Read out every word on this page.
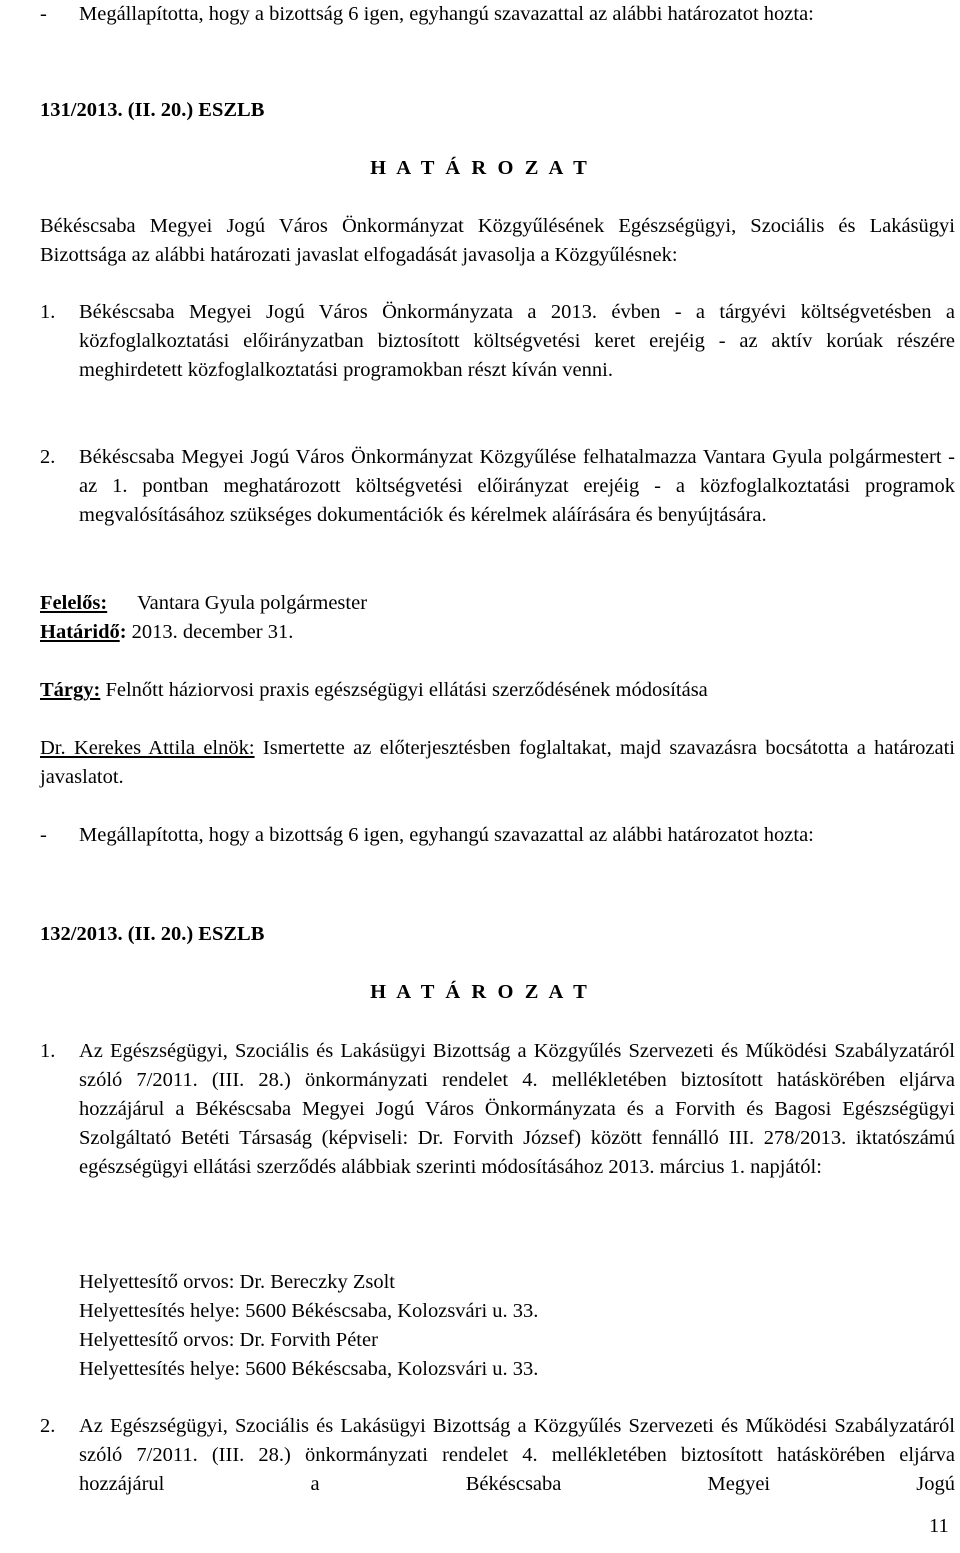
-	Megállapította, hogy a bizottság 6 igen, egyhangú szavazattal az alábbi határozatot hozta:
131/2013. (II. 20.) ESZLB
H A T Á R O Z A T
Békéscsaba Megyei Jogú Város Önkormányzat Közgyűlésének Egészségügyi, Szociális és Lakásügyi Bizottsága az alábbi határozati javaslat elfogadását javasolja a Közgyűlésnek:
1.	Békéscsaba Megyei Jogú Város Önkormányzata a 2013. évben - a tárgyévi költségvetésben a közfoglalkoztatási előirányzatban biztosított költségvetési keret erejéig - az aktív korúak részére meghirdetett közfoglalkoztatási programokban részt kíván venni.
2.	Békéscsaba Megyei Jogú Város Önkormányzat Közgyűlése felhatalmazza Vantara Gyula polgármestert - az 1. pontban meghatározott költségvetési előirányzat erejéig - a közfoglalkoztatási programok megvalósításához szükséges dokumentációk és kérelmek aláírására és benyújtására.
Felelős: Vantara Gyula polgármester
Határidő: 2013. december 31.
Tárgy: Felnőtt háziorvosi praxis egészségügyi ellátási szerződésének módosítása
Dr. Kerekes Attila elnök: Ismertette az előterjesztésben foglaltakat, majd szavazásra bocsátotta a határozati javaslatot.
-	Megállapította, hogy a bizottság 6 igen, egyhangú szavazattal az alábbi határozatot hozta:
132/2013. (II. 20.) ESZLB
H A T Á R O Z A T
1.	Az Egészségügyi, Szociális és Lakásügyi Bizottság a Közgyűlés Szervezeti és Működési Szabályzatáról szóló 7/2011. (III. 28.) önkormányzati rendelet 4. mellékletében biztosított hatáskörében eljárva hozzájárul a Békéscsaba Megyei Jogú Város Önkormányzata és a Forvith és Bagosi Egészségügyi Szolgáltató Betéti Társaság (képviseli: Dr. Forvith József) között fennálló III. 278/2013. iktatószámú egészségügyi ellátási szerződés alábbiak szerinti módosításához 2013. március 1. napjától:
Helyettesítő orvos: Dr. Bereczky Zsolt
Helyettesítés helye: 5600 Békéscsaba, Kolozsvári u. 33.
Helyettesítő orvos: Dr. Forvith Péter
Helyettesítés helye: 5600 Békéscsaba, Kolozsvári u. 33.
2.	Az Egészségügyi, Szociális és Lakásügyi Bizottság a Közgyűlés Szervezeti és Működési Szabályzatáról szóló 7/2011. (III. 28.) önkormányzati rendelet 4. mellékletében biztosított hatáskörében eljárva hozzájárul a Békéscsaba Megyei Jogú
11
